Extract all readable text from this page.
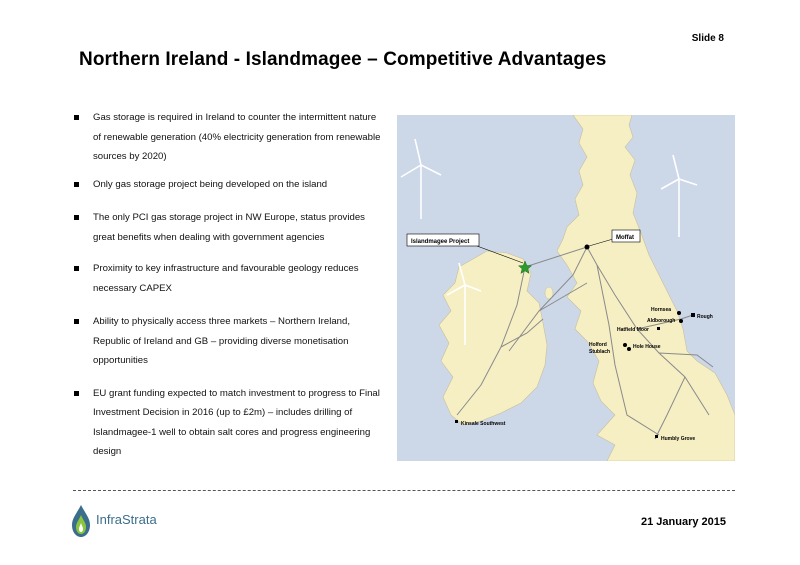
Slide 8
Northern Ireland - Islandmagee – Competitive Advantages
Gas storage is required in Ireland to counter the intermittent nature of renewable generation (40% electricity generation from renewable sources by 2020)
Only gas storage project being developed on the island
The only PCI gas storage project in NW Europe, status provides great benefits when dealing with government agencies
Proximity to key infrastructure and favourable geology reduces necessary CAPEX
Ability to physically access three markets – Northern Ireland, Republic of Ireland and GB – providing diverse monetisation opportunities
EU grant funding expected to match investment to progress to Final Investment Decision in 2016 (up to £2m) – includes drilling of Islandmagee-1 well to obtain salt cores and progress engineering design
Islandmagee Project
Moffat
Hornsea
Aldborough
Rough
Hatfield Moor
Holford
Stublach
Hole House
Kinsale Southwest
Humbly Grove
InfraStrata	21 January 2015
